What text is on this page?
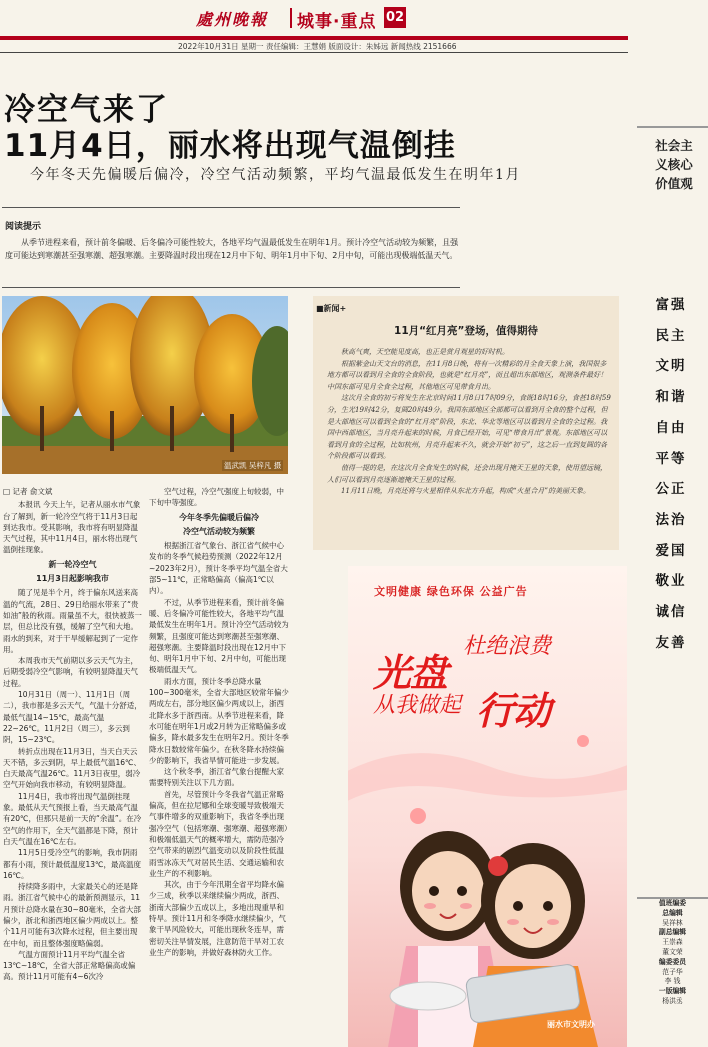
處州晚報 城事·重点 02
2022年10月31日 星期一 责任编辑：王慧娟 版面设计：朱姊远 新闻热线 2151666
冷空气来了
11月4日，丽水将出现气温倒挂
今年冬天先偏暖后偏冷，冷空气活动频繁，平均气温最低发生在明年1月
阅读提示
从季节进程来看，预计前冬偏暖、后冬偏冷可能性较大，各地平均气温最低发生在明年1月。预计冷空气活动较为频繁，且强度可能达到寒潮甚至强寒潮、超强寒潮。主要降温时段出现在12月中下旬、明年1月中下旬、2月中旬，可能出现极端低温天气。
温武凯 吴梓凡 摄

□ 记者 俞文斌

本报讯 今天上午，记者从丽水市气象台了解到，新一轮冷空气将于11月3日起到达我市。受其影响，我市将有明显降温天气过程，其中11月4日，丽水将出现气温倒挂现象。

新一轮冷空气
11月3日起影响我市

随了见是半个月，终于偏东风送来高温的气流，28日、29日给丽水带来了“贵如油”般的秋雨。雨量虽不大，很快被蒸一层，但总比没有强，缓解了空气和大地。雨水的到来，对于干旱缓解起到了一定作用。

本周我市天气前期以多云天气为主，后期受弱冷空气影响，有较明显降温天气过程。

10月31日（周一）、11月1日（周二），我市都是多云天气，气温十分舒适，最低气温14~15℃，最高气温22~26℃。11月2日（周三），多云到阴，15~23℃。

转折点出现在11月3日，当天白天云天不错，多云到阴，早上最低气温16℃、白天最高气温26℃。11月3日夜里，弱冷空气开始向我市移动，有较明显降温。

11月4日，我市将出现气温倒挂现象。最低从天气预报上看，当天最高气温有20℃，但那只是前一天的“余温”。在冷空气的作用下，全天气温都是下降，预计白天气温在16℃左右。

11月5日受冷空气的影响，我市阴雨都有小雨，预计最低温度13℃，最高温度16℃。

持续降多雨中，大家最关心的还是降雨。浙江省气候中心的最新预测显示，11月预计总降水量在30~80毫米，全省大部偏少，浙北和浙西地区偏少两成以上。整个11月可能有3次降水过程，但主要出现在中旬，而且整体强度略偏弱。

气温方面预计11月平均气温全省13℃~18℃，全省大部正常略偏高或偏高。预计11月可能有4~6次冷

空气过程，冷空气强度上旬较弱，中下旬中等强度。

今年冬季先偏暖后偏冷
冷空气活动较为频繁

根据浙江省气象台、浙江省气候中心发布的冬季气候趋势预测（2022年12月~2023年2月），预计冬季平均气温全省大部5~11℃，正常略偏高（偏高1℃以内）。

不过，从季节进程来看，预计前冬偏暖、后冬偏冷可能性较大，各地平均气温最低发生在明年1月。预计冷空气活动较为频繁，且强度可能达到寒潮甚至强寒潮、超强寒潮。主要降温时段出现在12月中下旬、明年1月中下旬、2月中旬，可能出现极端低温天气。

雨水方面，预计冬季总降水量100~300毫米，全省大部地区较常年偏少两成左右，部分地区偏少两成以上，浙西北降水多于浙西南。从季节进程来看，降水可能在明年1月或2月转为正常略偏多或偏多，降水最多发生在明年2月。预计冬季降水日数较常年偏少。在秋冬降水持续偏少的影响下，我省旱情可能进一步发展。

这个秋冬季，浙江省气象台提醒大家需要特别关注以下几方面。

首先，尽管预计今冬我省气温正常略偏高，但在拉尼娜和全球变暖导致极端天气事件增多的双重影响下，我省冬季出现强冷空气（包括寒潮、强寒潮、超强寒潮）和极端低温天气的概率增大，需防范强冷空气带来的剧烈气温变动以及阶段性低温雨雪冰冻天气对居民生活、交通运输和农业生产的不利影响。

其次，由于今年汛期全省平均降水偏少三成，秋季以来继续偏少两成，浙西、浙南大部偏少五成以上，多地出现重旱和特旱。预计11月和冬季降水继续偏少，气象干旱风险较大，可能出现秋冬连旱，需密切关注旱情发展，注意防范干旱对工农业生产的影响，并做好森林防火工作。

■新闻+
11月“红月亮”登场，值得期待

秋高气爽，天空能见度高，也正是赏月观星的好时机。

根据紫金山天文台的消息，在11月8日晚，将有一次精彩的月全食天象上演，我国很多地方都可以看到月全食的全食阶段，也就是“红月亮”，而且超出东部地区，观测条件最好！中国东部可见月全食全过程，其他地区可见带食月出。

这次月全食的初亏将发生在北京时间11月8日17时09分，食既18时16分，食甚18时59分，生光19时42分，复圆20时49分。我国东部地区全部都可以看到月全食的整个过程，但是大部地区可以看到全食的“红月亮”阶段，东北、华北等地区可以看到月全食的全过程。我国中西部地区，当月亮升起来的时候，月食已经开始，可见“带食月出”景观。东部地区可以看到月食的全过程，比如杭州，月亮升起来不久，就会开始“初亏”，这之后一直到复圆的各个阶段都可以看到。

值得一提的是，在这次月全食发生的时候，还会出现月掩天王星的天象，使用望远镜，人们可以看到月亮逐渐遮掩天王星的过程。

11月11日晚，月亮还将与火星相伴从东北方升起，构成“火星合月”的美丽天象。

文明健康 绿色环保 公益广告
光盘
杜绝浪费
从我做起 行动
丽水市文明办
社会主义核心价值观
富强
民主
文明
和谐
自由
平等
公正
法治
爱国
敬业
诚信
友善
值班编委
总编辑
吴祥林
副总编辑
王崇森
董文荣
编委委员
范子华
李 钱
一版编辑
杨洪丞
